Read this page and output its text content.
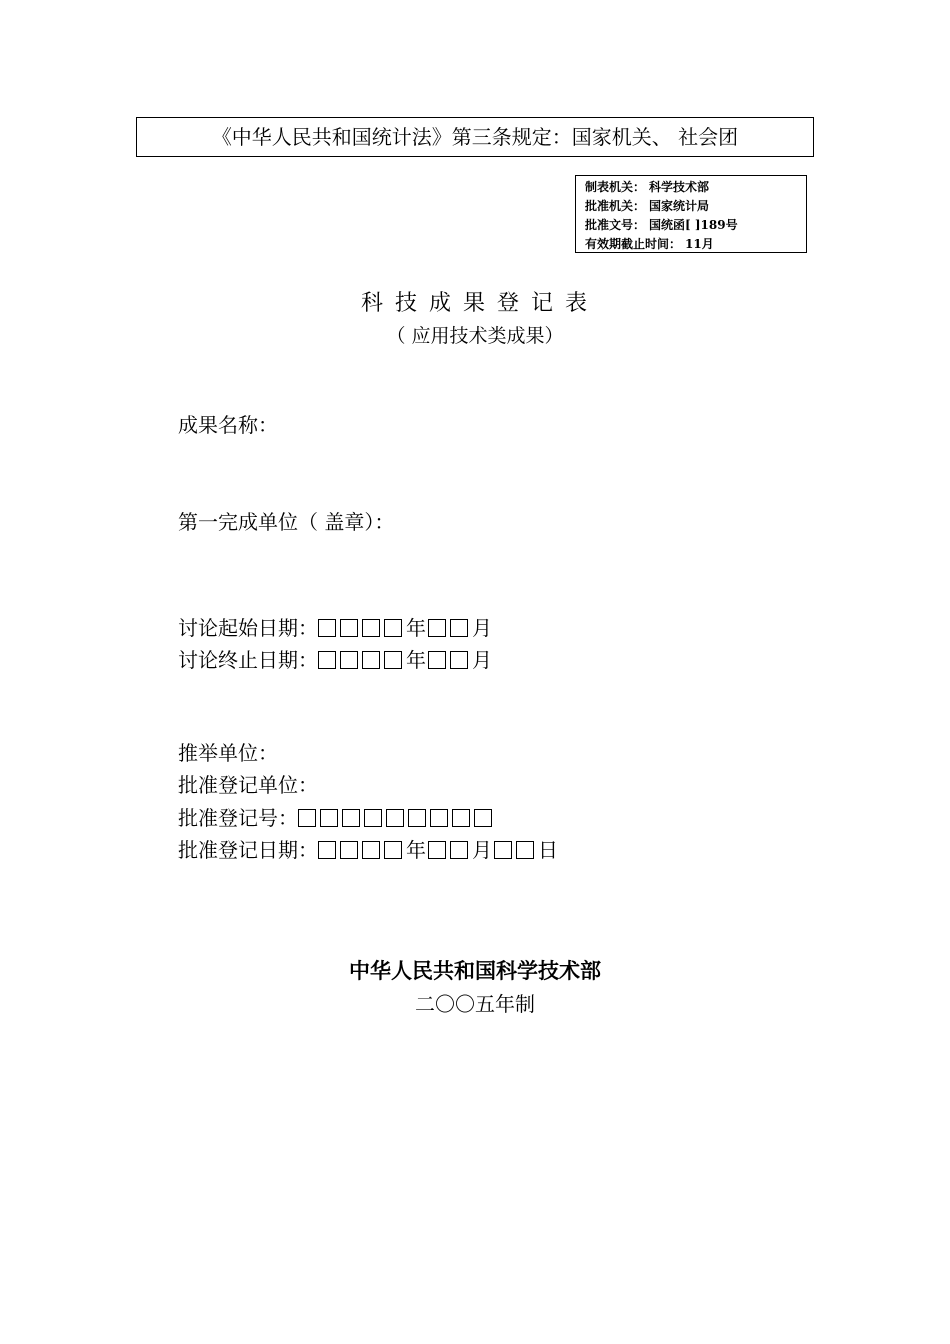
《中华人民共和国统计法》第三条规定：国家机关、 社会团
制表机关： 科学技术部
批准机关： 国家统计局
批准文号： 国统函[ ]189号
有效期截止时间： 11月
科技成果登记表
（ 应用技术类成果）
成果名称：
第一完成单位（ 盖章）：
讨论起始日期：	年 月
讨论终止日期：	年 月
推举单位：
批准登记单位：
批准登记号：
批准登记日期：	年 月 日
中华人民共和国科学技术部
二〇〇五年制
